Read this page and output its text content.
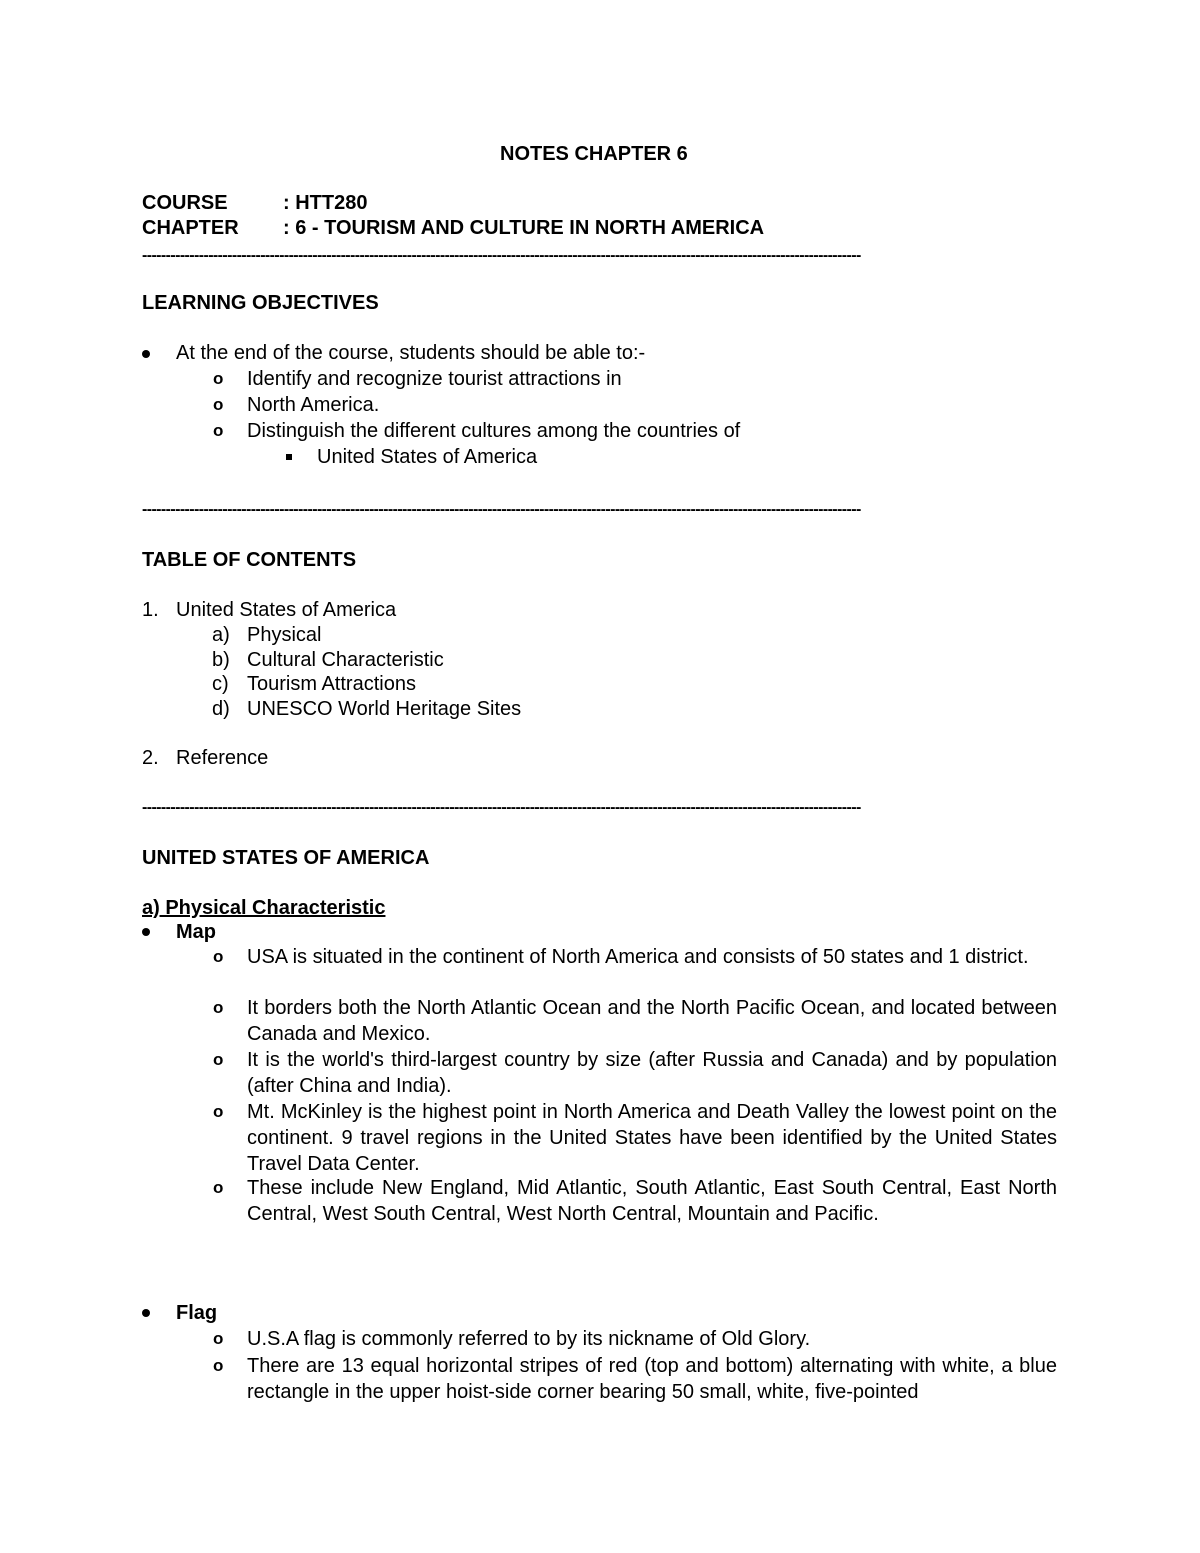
NOTES CHAPTER 6
COURSE	: HTT280
CHAPTER : 6 - TOURISM AND CULTURE IN NORTH AMERICA
--------------------------------------------------------------------------------------------------------------------------------------------------------
LEARNING OBJECTIVES
At the end of the course, students should be able to:-
o Identify and recognize tourist attractions in
o North America.
o Distinguish the different cultures among the countries of
United States of America
--------------------------------------------------------------------------------------------------------------------------------------------------------
TABLE OF CONTENTS
1. United States of America
a) Physical
b) Cultural Characteristic
c) Tourism Attractions
d) UNESCO World Heritage Sites
2. Reference
--------------------------------------------------------------------------------------------------------------------------------------------------------
UNITED STATES OF AMERICA
a) Physical Characteristic
Map
o USA is situated in the continent of North America and consists of 50 states and 1 district.
o It borders both the North Atlantic Ocean and the North Pacific Ocean, and located between Canada and Mexico.
o It is the world's third-largest country by size (after Russia and Canada) and by population (after China and India).
o Mt. McKinley is the highest point in North America and Death Valley the lowest point on the continent. 9 travel regions in the United States have been identified by the United States Travel Data Center.
o These include New England, Mid Atlantic, South Atlantic, East South Central, East North Central, West South Central, West North Central, Mountain and Pacific.
Flag
o U.S.A flag is commonly referred to by its nickname of Old Glory.
o There are 13 equal horizontal stripes of red (top and bottom) alternating with white, a blue rectangle in the upper hoist-side corner bearing 50 small, white, five-pointed
